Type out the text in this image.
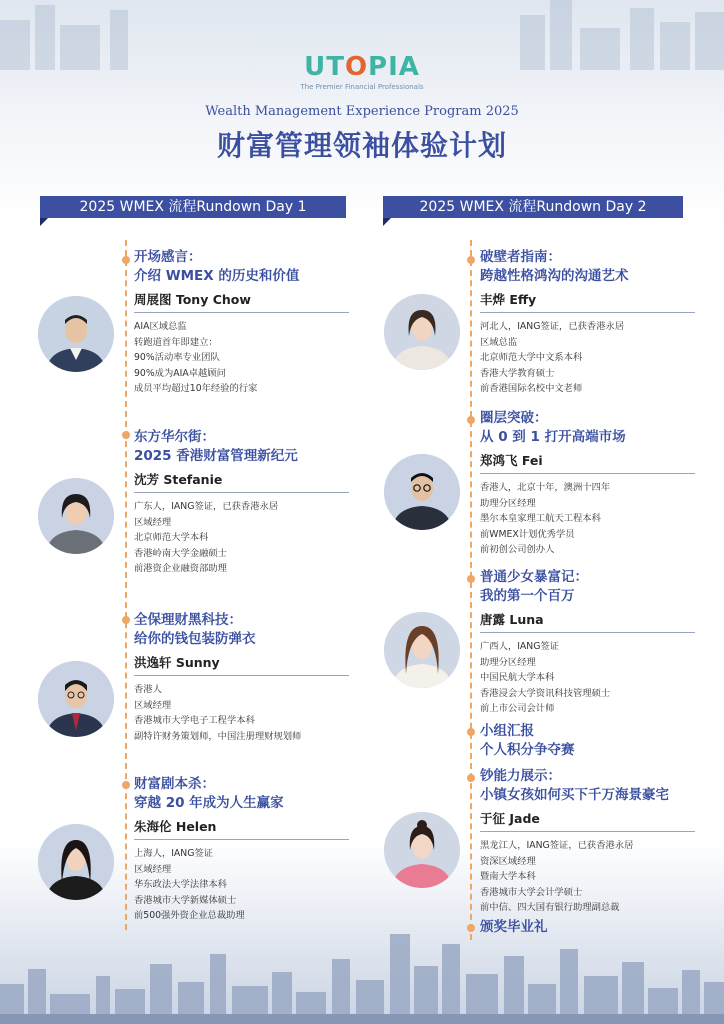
UTOPIA
The Premier Financial Professionals
Wealth Management Experience Program 2025
财富管理领袖体验计划
2025 WMEX 流程Rundown Day 1	2025 WMEX 流程Rundown Day 2
开场感言：
介绍 WMEX 的历史和价值
周展图 Tony Chow
AIA区域总监
转跑道首年即建立：
90%活动率专业团队
90%成为AIA卓越顾问
成员平均超过10年经验的行家
东方华尔街：
2025 香港财富管理新纪元
沈芳 Stefanie
广东人，IANG签证，已获香港永居
区域经理
北京师范大学本科
香港岭南大学金融硕士
前港资企业融资部助理
全保理财黑科技：
给你的钱包装防弹衣
洪逸轩 Sunny
香港人
区域经理
香港城市大学电子工程学本科
副特许财务策划师，中国注册理财规划师
财富剧本杀：
穿越 20 年成为人生赢家
朱海伦 Helen
上海人，IANG签证
区域经理
华东政法大学法律本科
香港城市大学新媒体硕士
前500强外资企业总裁助理
破壁者指南：
跨越性格鸿沟的沟通艺术
丰烨 Effy
河北人，IANG签证，已获香港永居
区域总监
北京师范大学中文系本科
香港大学教育硕士
前香港国际名校中文老师
圈层突破：
从 0 到 1 打开高端市场
郑鸿飞 Fei
香港人，北京十年，澳洲十四年
助理分区经理
墨尔本皇家理工航天工程本科
前WMEX计划优秀学员
前初创公司创办人
普通少女暴富记：
我的第一个百万
唐露 Luna
广西人，IANG签证
助理分区经理
中国民航大学本科
香港浸会大学资讯科技管理硕士
前上市公司会计师
小组汇报
个人积分争夺赛
钞能力展示：
小镇女孩如何买下千万海景豪宅
于征 Jade
黑龙江人，IANG签证，已获香港永居
资深区域经理
暨南大学本科
香港城市大学会计学硕士
前中信、四大国有银行助理副总裁
颁奖毕业礼
